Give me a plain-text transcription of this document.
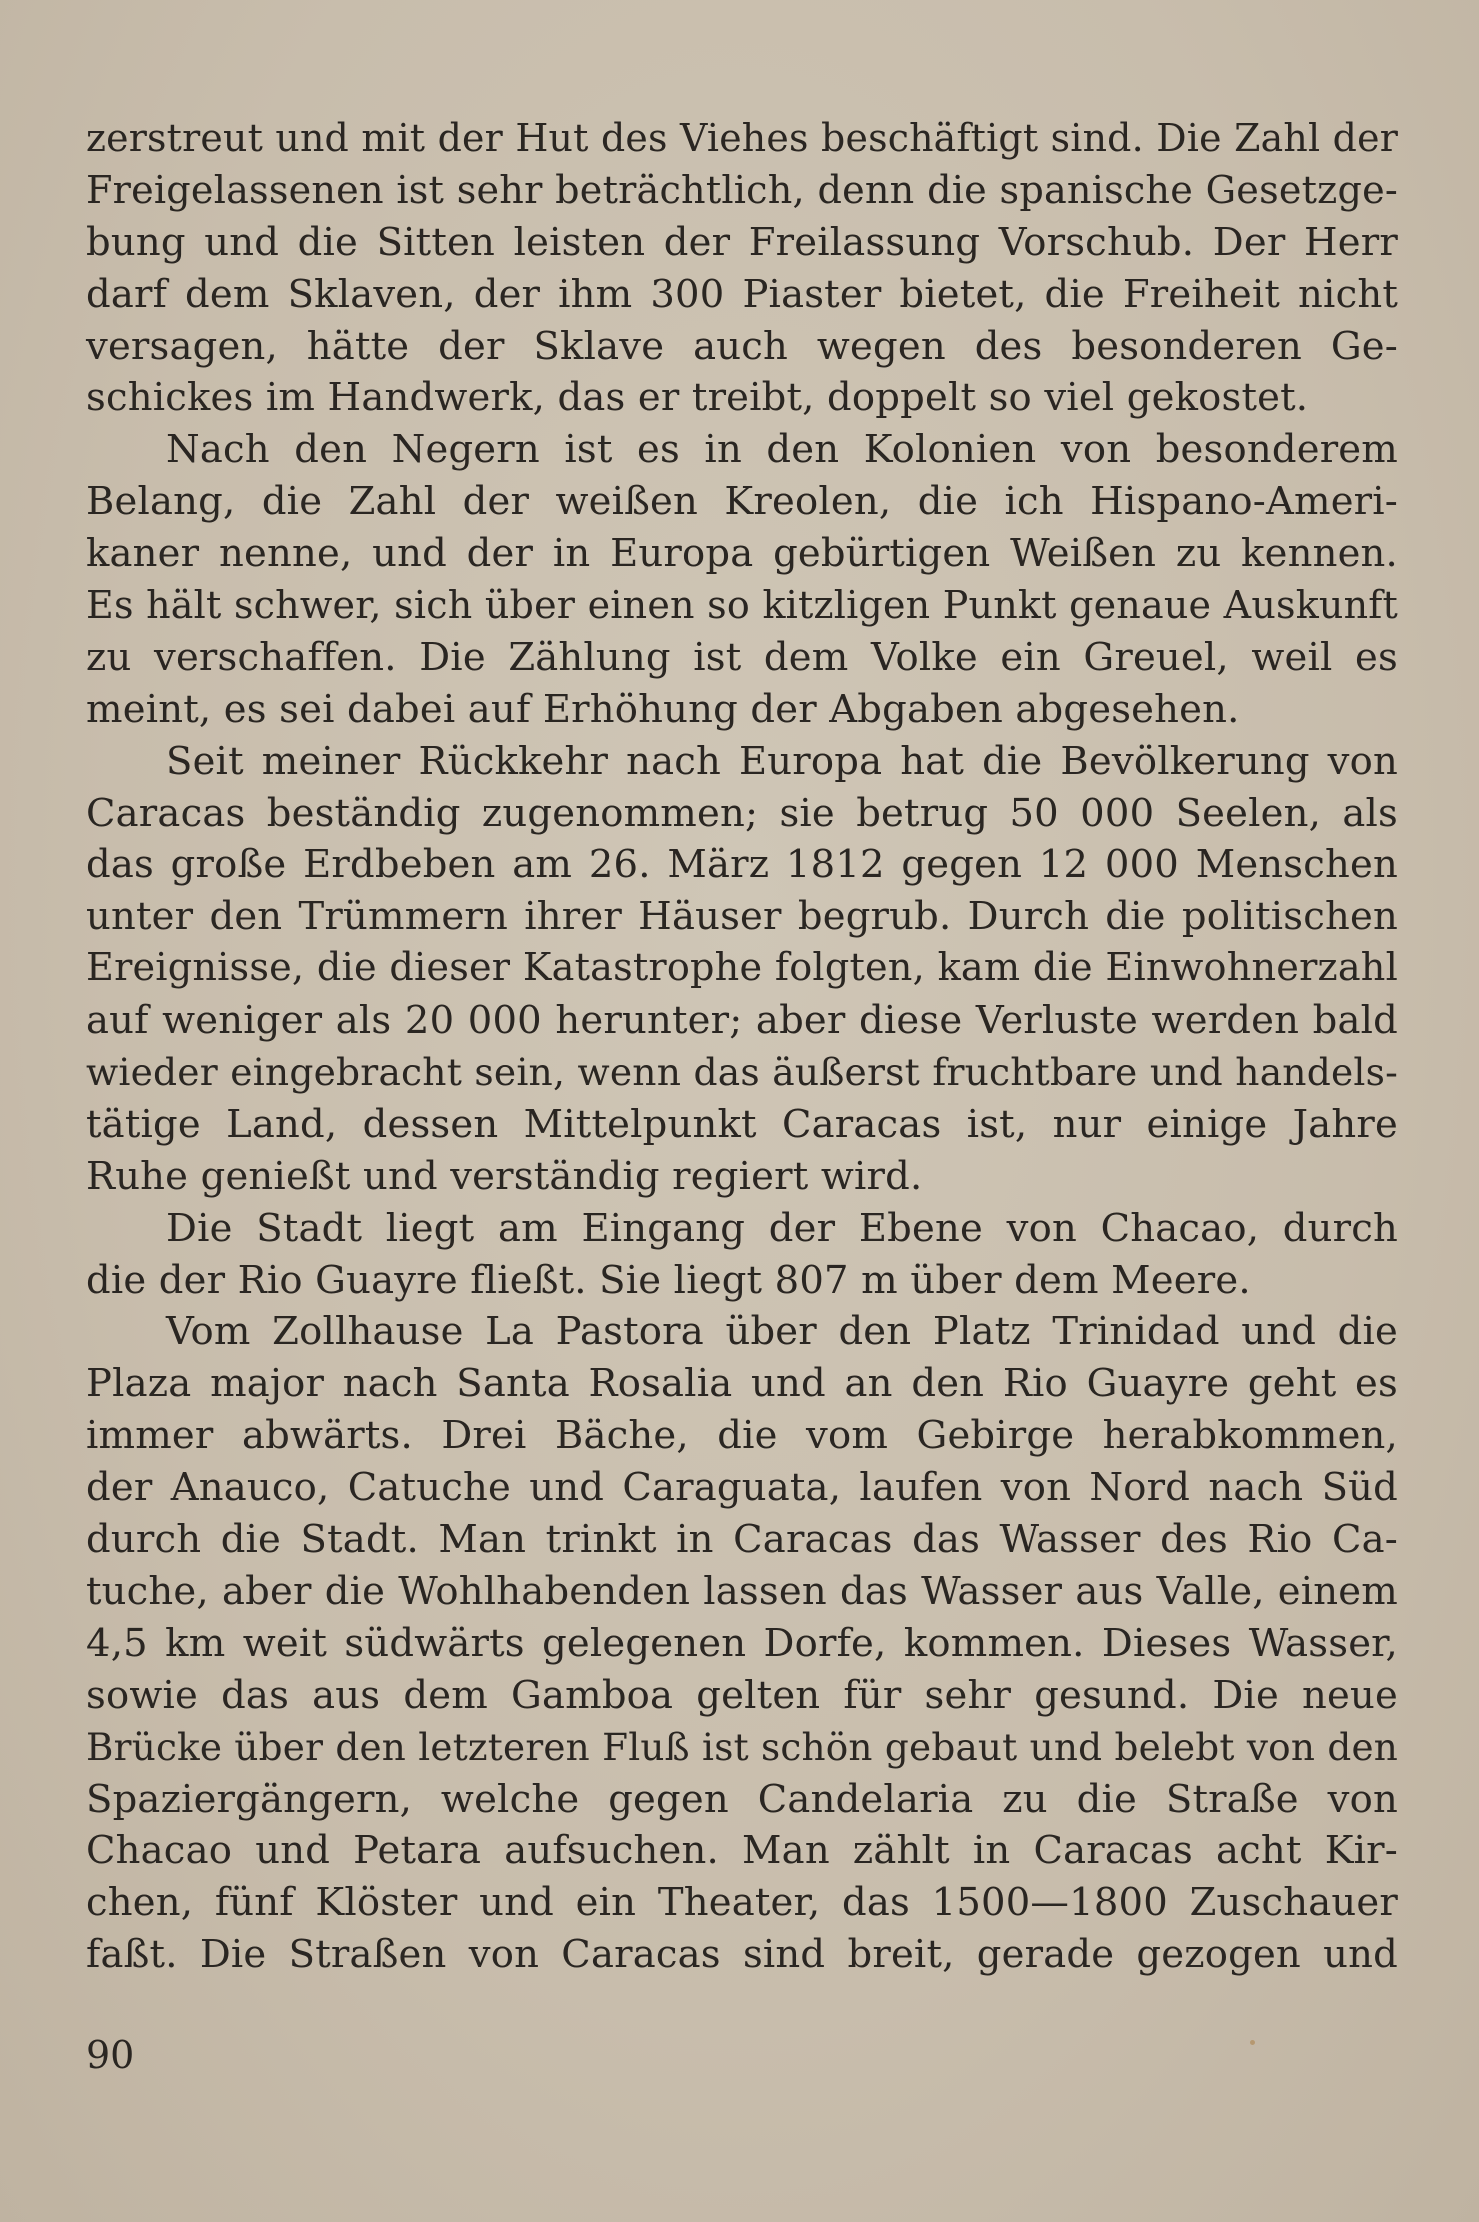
zerstreut und mit der Hut des Viehes beschäftigt sind. Die Zahl der
Freigelassenen ist sehr beträchtlich, denn die spanische Gesetzge-
bung und die Sitten leisten der Freilassung Vorschub. Der Herr
darf dem Sklaven, der ihm 300 Piaster bietet, die Freiheit nicht
versagen, hätte der Sklave auch wegen des besonderen Ge-
schickes im Handwerk, das er treibt, doppelt so viel gekostet.
Nach den Negern ist es in den Kolonien von besonderem
Belang, die Zahl der weißen Kreolen, die ich Hispano-Ameri-
kaner nenne, und der in Europa gebürtigen Weißen zu kennen.
Es hält schwer, sich über einen so kitzligen Punkt genaue Auskunft
zu verschaffen. Die Zählung ist dem Volke ein Greuel, weil es
meint, es sei dabei auf Erhöhung der Abgaben abgesehen.
Seit meiner Rückkehr nach Europa hat die Bevölkerung von
Caracas beständig zugenommen; sie betrug 50 000 Seelen, als
das große Erdbeben am 26. März 1812 gegen 12 000 Menschen
unter den Trümmern ihrer Häuser begrub. Durch die politischen
Ereignisse, die dieser Katastrophe folgten, kam die Einwohnerzahl
auf weniger als 20 000 herunter; aber diese Verluste werden bald
wieder eingebracht sein, wenn das äußerst fruchtbare und handels-
tätige Land, dessen Mittelpunkt Caracas ist, nur einige Jahre
Ruhe genießt und verständig regiert wird.
Die Stadt liegt am Eingang der Ebene von Chacao, durch
die der Rio Guayre fließt. Sie liegt 807 m über dem Meere.
Vom Zollhause La Pastora über den Platz Trinidad und die
Plaza major nach Santa Rosalia und an den Rio Guayre geht es
immer abwärts. Drei Bäche, die vom Gebirge herabkommen,
der Anauco, Catuche und Caraguata, laufen von Nord nach Süd
durch die Stadt. Man trinkt in Caracas das Wasser des Rio Ca-
tuche, aber die Wohlhabenden lassen das Wasser aus Valle, einem
4,5 km weit südwärts gelegenen Dorfe, kommen. Dieses Wasser,
sowie das aus dem Gamboa gelten für sehr gesund. Die neue
Brücke über den letzteren Fluß ist schön gebaut und belebt von den
Spaziergängern, welche gegen Candelaria zu die Straße von
Chacao und Petara aufsuchen. Man zählt in Caracas acht Kir-
chen, fünf Klöster und ein Theater, das 1500—1800 Zuschauer
faßt. Die Straßen von Caracas sind breit, gerade gezogen und
90
